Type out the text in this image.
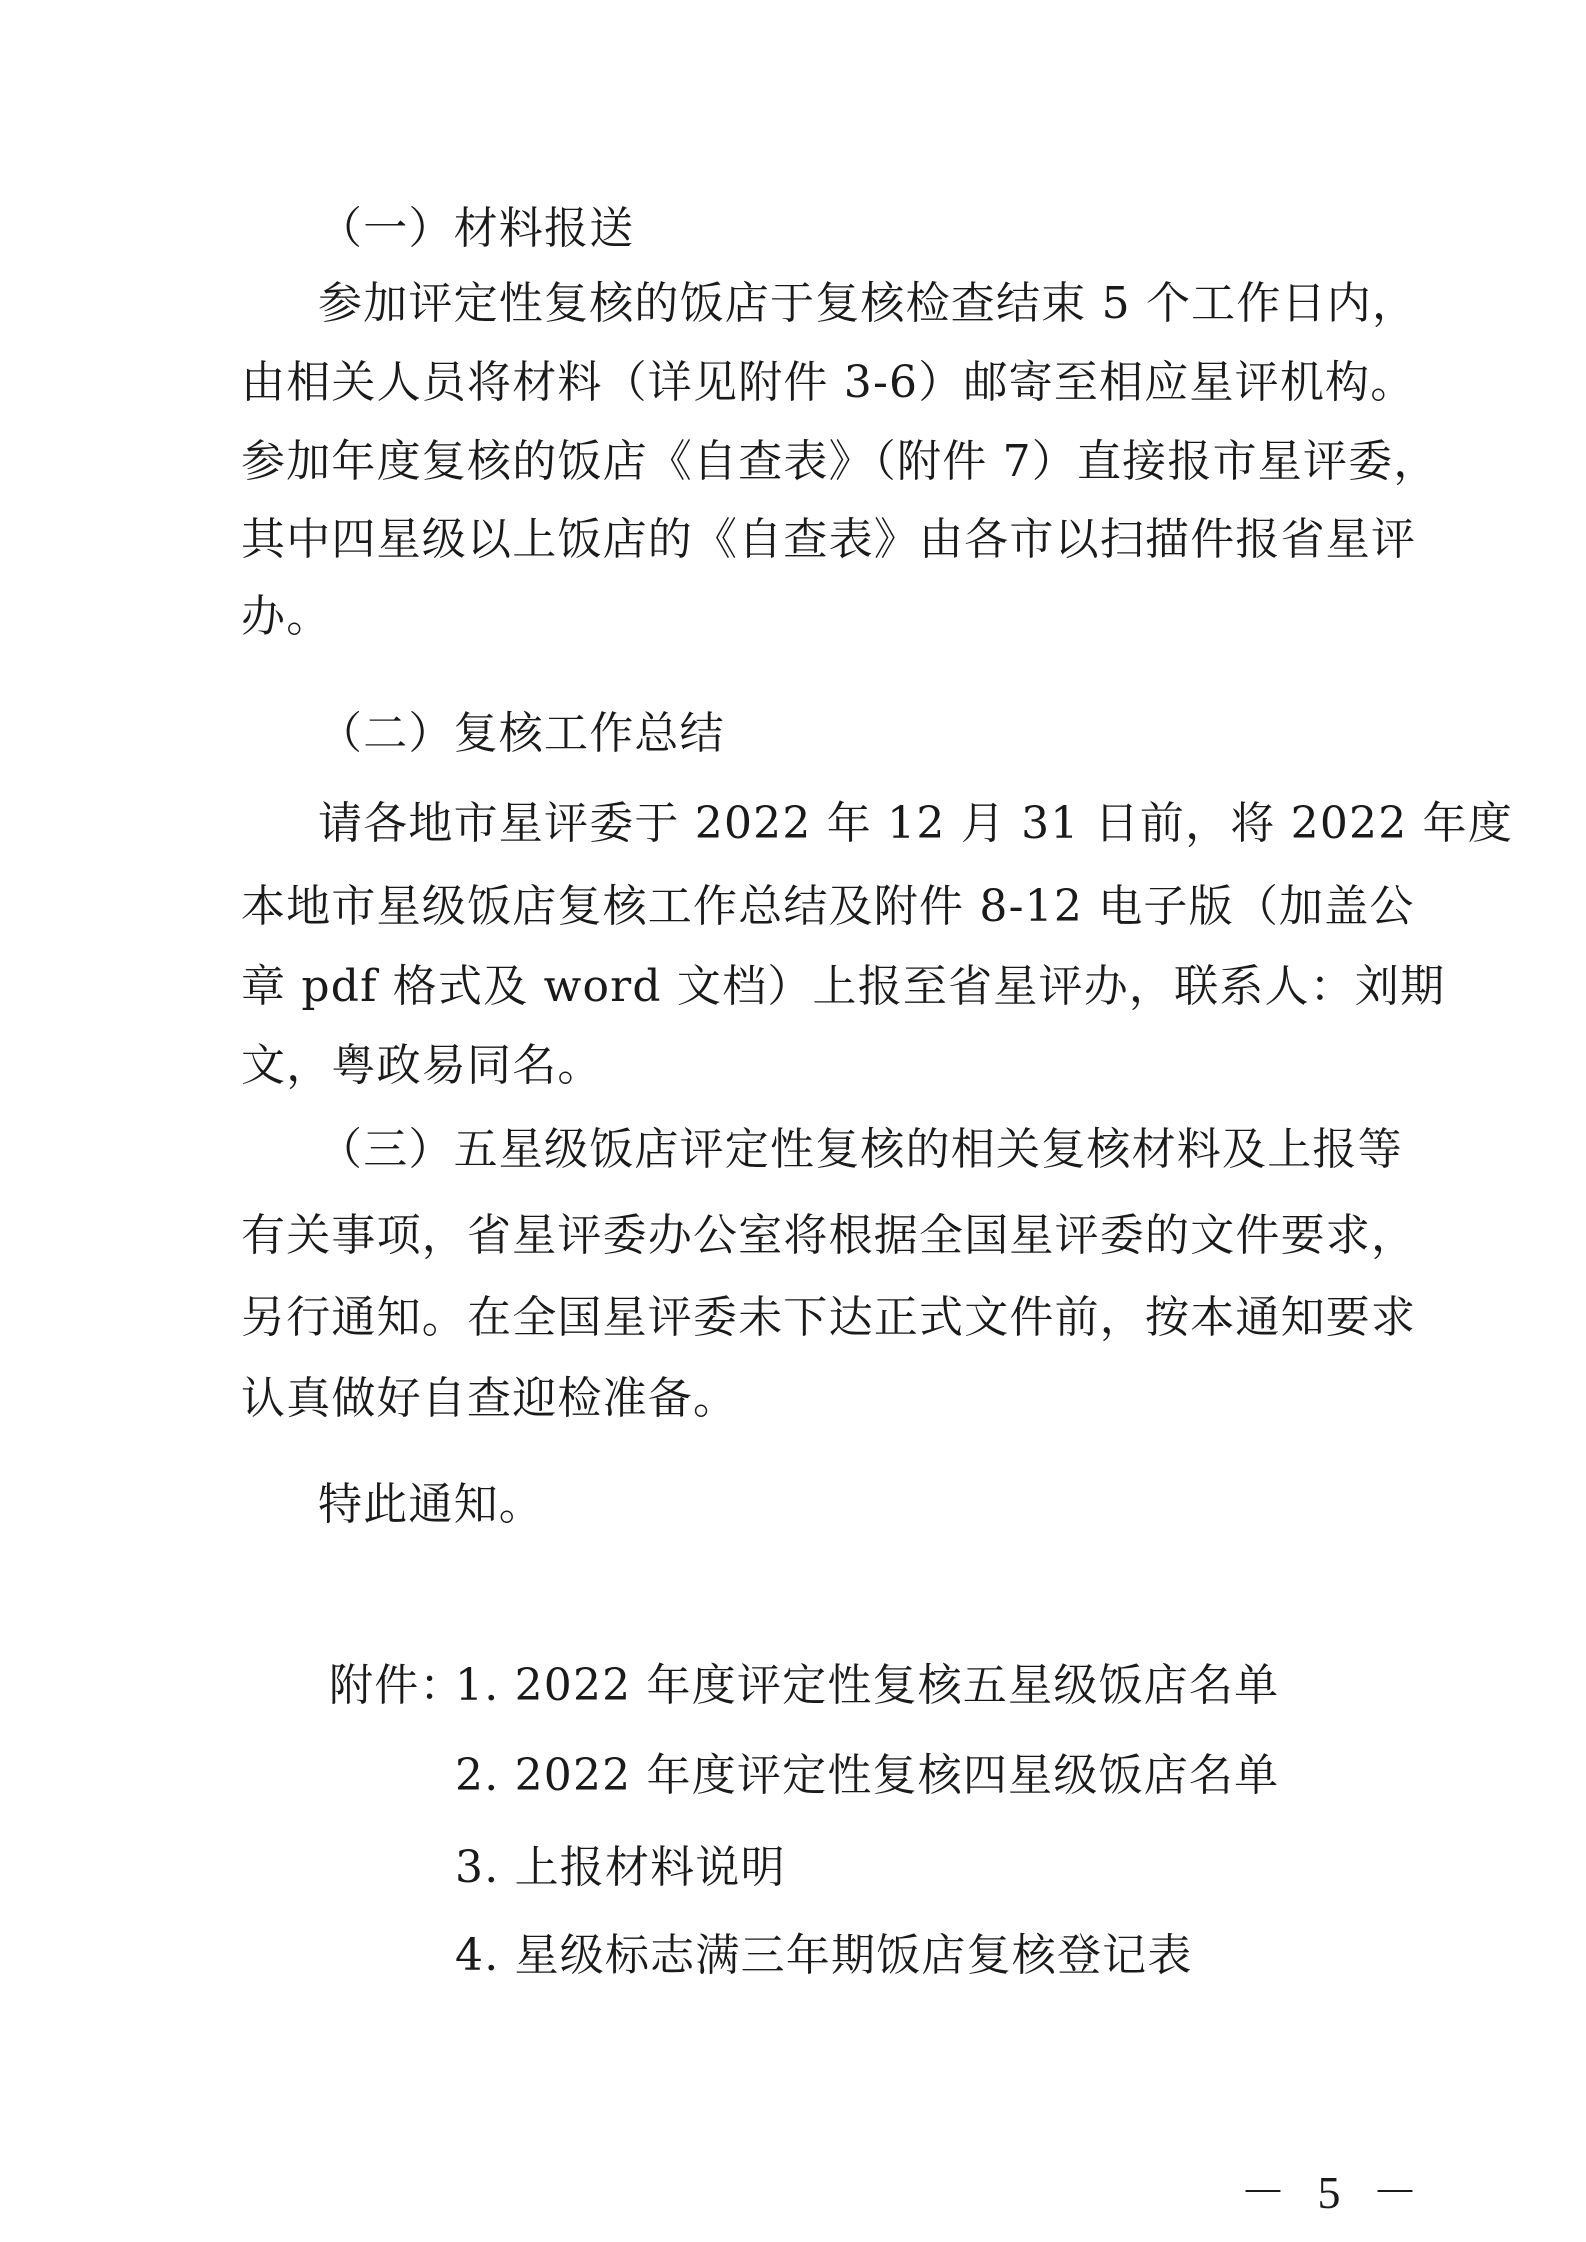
（一）材料报送
参加评定性复核的饭店于复核检查结束 5 个工作日内，
由相关人员将材料（详见附件 3-6）邮寄至相应星评机构。
参加年度复核的饭店《自查表》（附件 7）直接报市星评委，
其中四星级以上饭店的《自查表》由各市以扫描件报省星评
办。
（二）复核工作总结
请各地市星评委于 2022 年 12 月 31 日前，将 2022 年度
本地市星级饭店复核工作总结及附件 8-12 电子版（加盖公
章 pdf 格式及 word 文档）上报至省星评办，联系人：刘期
文，粤政易同名。
（三）五星级饭店评定性复核的相关复核材料及上报等
有关事项，省星评委办公室将根据全国星评委的文件要求，
另行通知。在全国星评委未下达正式文件前，按本通知要求
认真做好自查迎检准备。
特此通知。
附件：
1. 2022 年度评定性复核五星级饭店名单
2. 2022 年度评定性复核四星级饭店名单
3. 上报材料说明
4. 星级标志满三年期饭店复核登记表
－ 5 －
